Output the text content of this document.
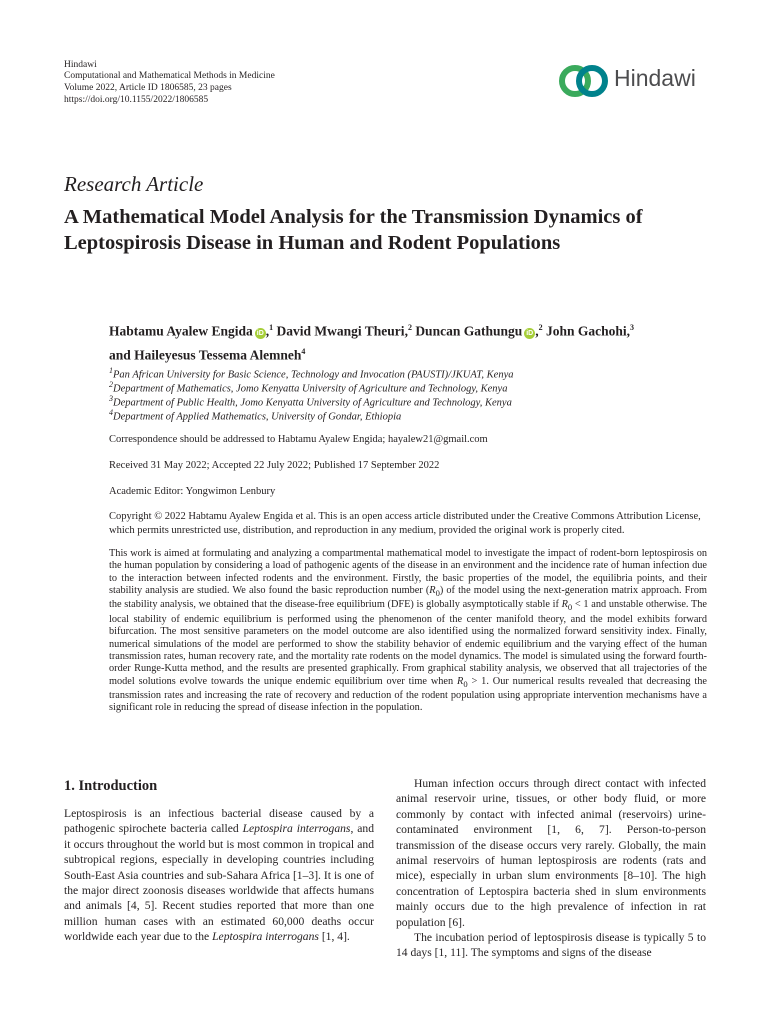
Hindawi
Computational and Mathematical Methods in Medicine
Volume 2022, Article ID 1806585, 23 pages
https://doi.org/10.1155/2022/1806585
Hindawi
Research Article
A Mathematical Model Analysis for the Transmission Dynamics of Leptospirosis Disease in Human and Rodent Populations
Habtamu Ayalew Engida iD ,$^1$ David Mwangi Theuri,$^2$ Duncan Gathungu iD ,$^2$ John Gachohi,$^3$
and Haileyesus Tessema Alemneh$^4$
$^1$Pan African University for Basic Science, Technology and Invocation (PAUSTI)/JKUAT, Kenya
$^2$Department of Mathematics, Jomo Kenyatta University of Agriculture and Technology, Kenya
$^3$Department of Public Health, Jomo Kenyatta University of Agriculture and Technology, Kenya
$^4$Department of Applied Mathematics, University of Gondar, Ethiopia
Correspondence should be addressed to Habtamu Ayalew Engida; hayalew21@gmail.com
Received 31 May 2022; Accepted 22 July 2022; Published 17 September 2022
Academic Editor: Yongwimon Lenbury
Copyright © 2022 Habtamu Ayalew Engida et al. This is an open access article distributed under the Creative Commons Attribution License, which permits unrestricted use, distribution, and reproduction in any medium, provided the original work is properly cited.
This work is aimed at formulating and analyzing a compartmental mathematical model to investigate the impact of rodent-born leptospirosis on the human population by considering a load of pathogenic agents of the disease in an environment and the incidence rate of human infection due to the interaction between infected rodents and the environment. Firstly, the basic properties of the model, the equilibria points, and their stability analysis are studied. We also found the basic reproduction number $(R_0)$ of the model using the next-generation matrix approach. From the stability analysis, we obtained that the disease-free equilibrium (DFE) is globally asymptotically stable if $R_0 < 1$ and unstable otherwise. The local stability of endemic equilibrium is performed using the phenomenon of the center manifold theory, and the model exhibits forward bifurcation. The most sensitive parameters on the model outcome are also identified using the normalized forward sensitivity index. Finally, numerical simulations of the model are performed to show the stability behavior of endemic equilibrium and the varying effect of the human transmission rates, human recovery rate, and the mortality rate rodents on the model dynamics. The model is simulated using the forward fourth-order Runge-Kutta method, and the results are presented graphically. From graphical stability analysis, we observed that all trajectories of the model solutions evolve towards the unique endemic equilibrium over time when $R_0 > 1$. Our numerical results revealed that decreasing the transmission rates and increasing the rate of recovery and reduction of the rodent population using appropriate intervention mechanisms have a significant role in reducing the spread of disease infection in the population.
1. Introduction

Leptospirosis is an infectious bacterial disease caused by a pathogenic spirochete bacteria called Leptospira interrogans, and it occurs throughout the world but is most common in tropical and subtropical regions, especially in developing countries including South-East Asia countries and sub-Sahara Africa [1–3]. It is one of the major direct zoonosis diseases worldwide that affects humans and animals [4, 5]. Recent studies reported that more than one million human cases with an estimated 60,000 deaths occur worldwide each year due to the Leptospira interrogans [1, 4].

Human infection occurs through direct contact with infected animal reservoir urine, tissues, or other body fluid, or more commonly by contact with infected animal (reservoirs) urine-contaminated environment [1, 6, 7]. Person-to-person transmission of the disease occurs very rarely. Globally, the main animal reservoirs of human leptospirosis are rodents (rats and mice), especially in urban slum environments [8–10]. The high concentration of Leptospira bacteria shed in slum environments mainly occurs due to the high prevalence of infection in rat population [6].

The incubation period of leptospirosis disease is typically 5 to 14 days [1, 11]. The symptoms and signs of the disease
